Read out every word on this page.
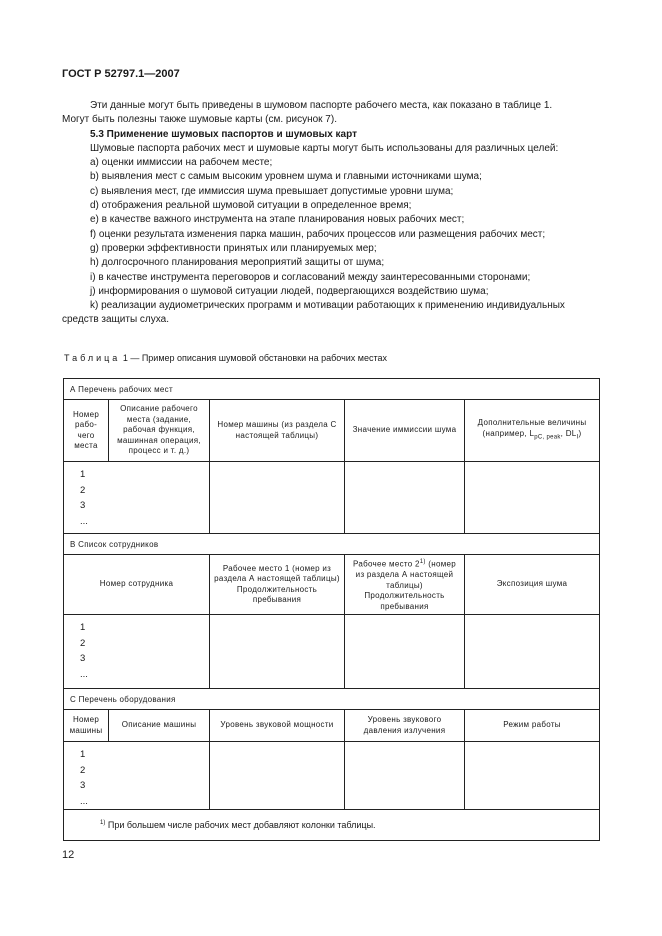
ГОСТ Р 52797.1—2007

Эти данные могут быть приведены в шумовом паспорте рабочего места, как показано в таблице 1.

Могут быть полезны также шумовые карты (см. рисунок 7).

5.3 Применение шумовых паспортов и шумовых карт

Шумовые паспорта рабочих мест и шумовые карты могут быть использованы для различных целей:

а) оценки иммиссии на рабочем месте;

b) выявления мест с самым высоким уровнем шума и главными источниками шума;

c) выявления мест, где иммиссия шума превышает допустимые уровни шума;

d) отображения реальной шумовой ситуации в определенное время;

е) в качестве важного инструмента на этапе планирования новых рабочих мест;

f) оценки результата изменения парка машин, рабочих процессов или размещения рабочих мест;

g) проверки эффективности принятых или планируемых мер;

h) долгосрочного планирования мероприятий защиты от шума;

i) в качестве инструмента переговоров и согласований между заинтересованными сторонами;

j) информирования о шумовой ситуации людей, подвергающихся воздействию шума;

k) реализации аудиометрических программ и мотивации работающих к применению индивидуальных средств защиты слуха.

Таблица 1 — Пример описания шумовой обстановки на рабочих местах
А Перечень рабочих мест				
Номер рабо-чего места	Описание рабочего места (задание, рабочая функция, машинная операция, процесс и т. д.)	Номер машины (из раздела С настоящей таблицы)	Значение иммиссии шума	Дополнительные величины (например, $L_{pC, peak}$, $DL_I$)

1
2
3
...				

В Список сотрудников				
Номер сотрудника		Рабочее место 1 (номер из раздела А настоящей таблицы) Продолжительность пребывания	Рабочее место 2$^{1)}$ (номер из раздела А настоящей таблицы) Продолжительность пребывания	Экспозиция шума

1
2
3
...				

С Перечень оборудования				
Номер машины	Описание машины	Уровень звуковой мощности	Уровень звукового давления излучения	Режим работы

1
2
3
...				

$^{1)}$ При большем числе рабочих мест добавляют колонки таблицы.				
12
